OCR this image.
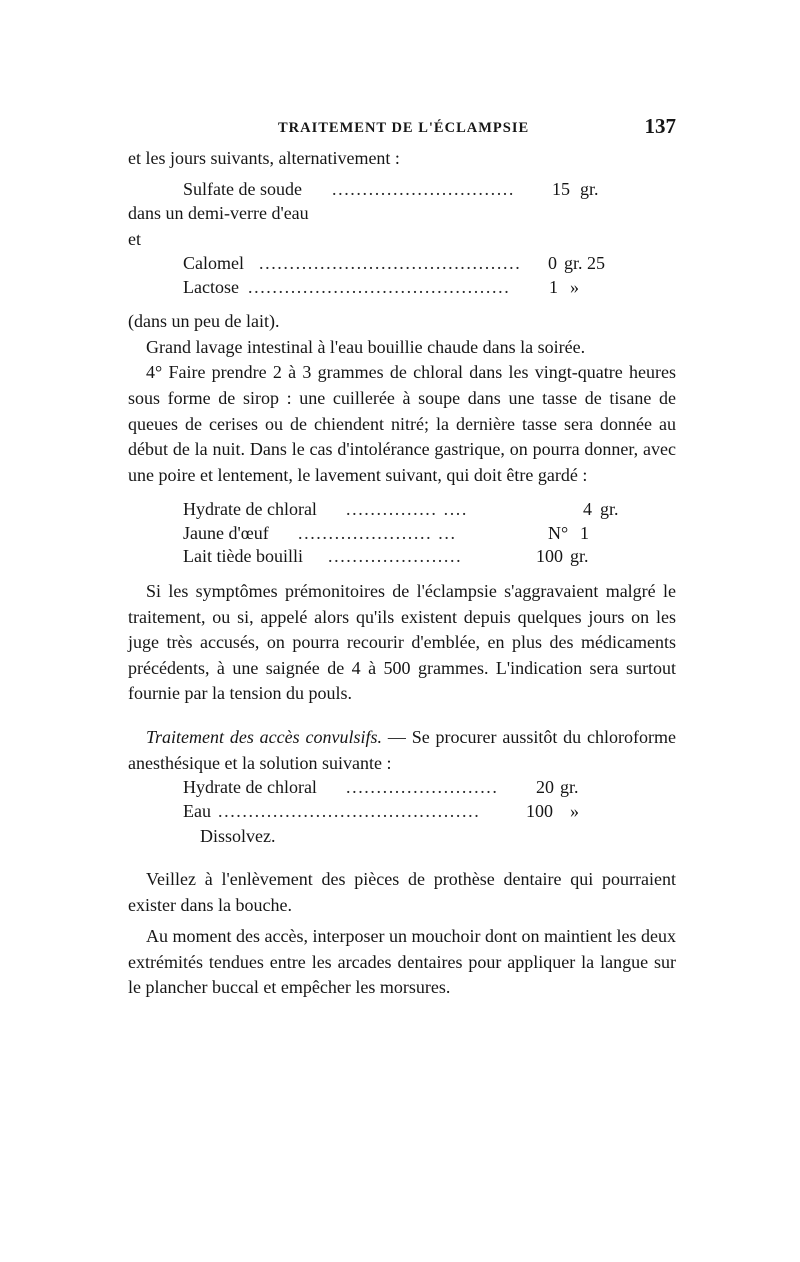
TRAITEMENT DE L'ÉCLAMPSIE	137

et les jours suivants, alternativement :

Sulfate de soude ..............................	15 gr.

dans un demi-verre d'eau

et

Calomel ...........................................	0 gr. 25
Lactose ...........................................	1 »

(dans un peu de lait).

Grand lavage intestinal à l'eau bouillie chaude dans la soirée.

4° Faire prendre 2 à 3 grammes de chloral dans les vingt-quatre heures sous forme de sirop : une cuillerée à soupe dans une tasse de tisane de queues de cerises ou de chiendent nitré; la dernière tasse sera donnée au début de la nuit. Dans le cas d'intolérance gastrique, on pourra donner, avec une poire et lentement, le lavement suivant, qui doit être gardé :

Hydrate de chloral ............... ....	4 gr.
Jaune d'œuf ...................... ...	N° 1
Lait tiède bouilli ......................	100 gr.

Si les symptômes prémonitoires de l'éclampsie s'aggravaient malgré le traitement, ou si, appelé alors qu'ils existent depuis quelques jours on les juge très accusés, on pourra recourir d'emblée, en plus des médicaments précédents, à une saignée de 4 à 500 grammes. L'indication sera surtout fournie par la tension du pouls.

Traitement des accès convulsifs. — Se procurer aussitôt du chloroforme anesthésique et la solution suivante :

Hydrate de chloral .........................	20 gr.
Eau ...........................................	100 »
Dissolvez.

Veillez à l'enlèvement des pièces de prothèse dentaire qui pourraient exister dans la bouche.

Au moment des accès, interposer un mouchoir dont on maintient les deux extrémités tendues entre les arcades dentaires pour appliquer la langue sur le plancher buccal et empêcher les morsures.
